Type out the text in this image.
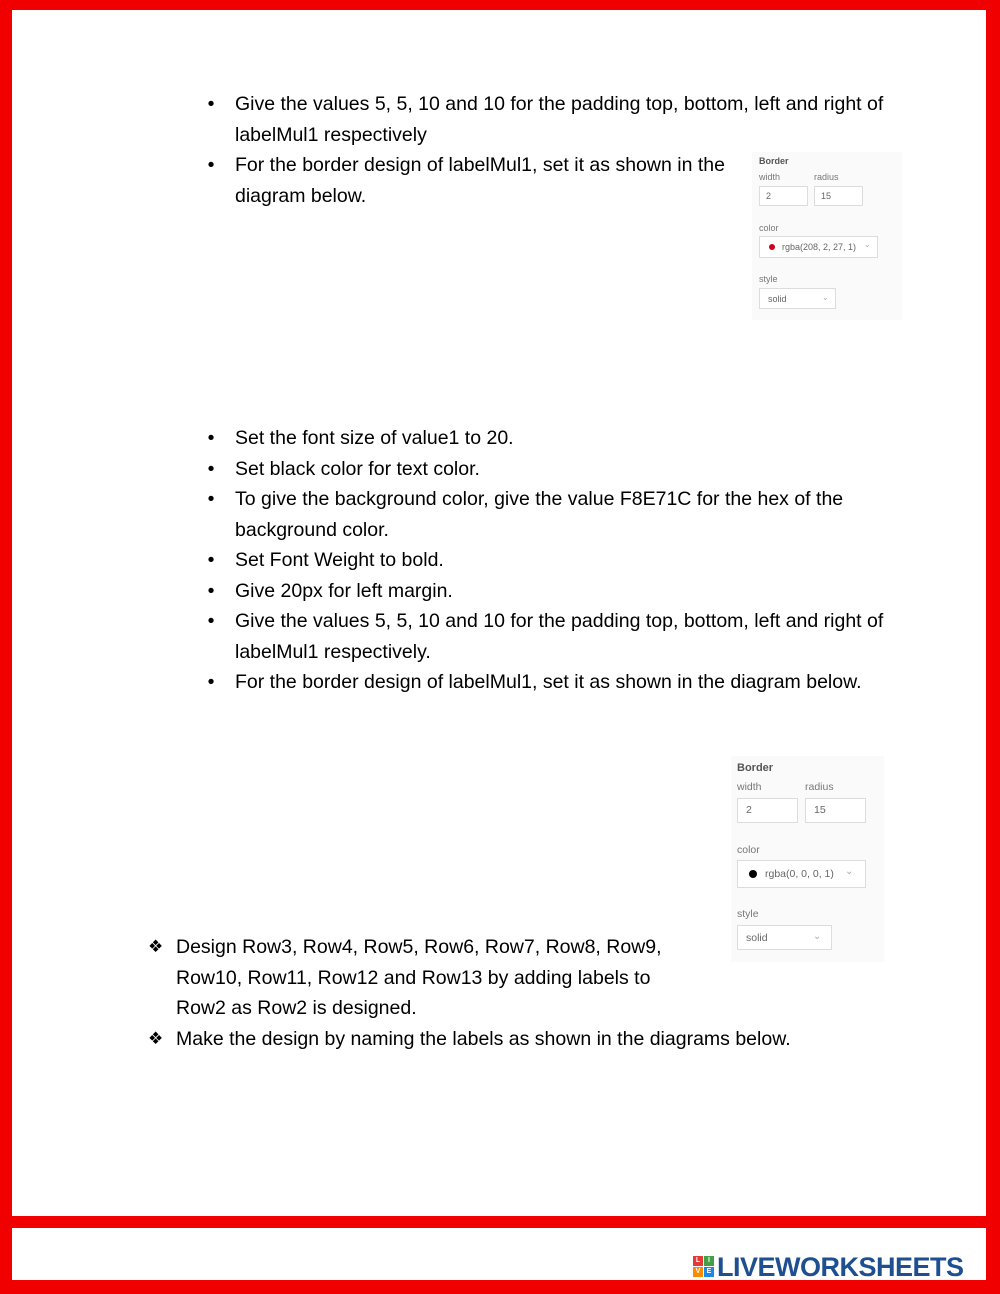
• Give the values 5, 5, 10 and 10 for the padding top, bottom, left and right of labelMul1 respectively
• For the border design of labelMul1, set it as shown in the diagram below.
Border
width	radius
2	15
color
rgba(208, 2, 27, 1) ⌄
style
solid	⌄
• Set the font size of value1 to 20.
• Set black color for text color.
• To give the background color, give the value F8E71C for the hex of the background color.
• Set Font Weight to bold.
• Give 20px for left margin.
• Give the values 5, 5, 10 and 10 for the padding top, bottom, left and right of labelMul1 respectively.
• For the border design of labelMul1, set it as shown in the diagram below.
Border
width	radius
2	15
color
rgba(0, 0, 0, 1)	⌄
style
solid	⌄
❖ Design Row3, Row4, Row5, Row6, Row7, Row8, Row9, Row10, Row11, Row12 and Row13 by adding labels to Row2 as Row2 is designed.
❖ Make the design by naming the labels as shown in the diagrams below.
L	I
V E LIVEWORKSHEETS
